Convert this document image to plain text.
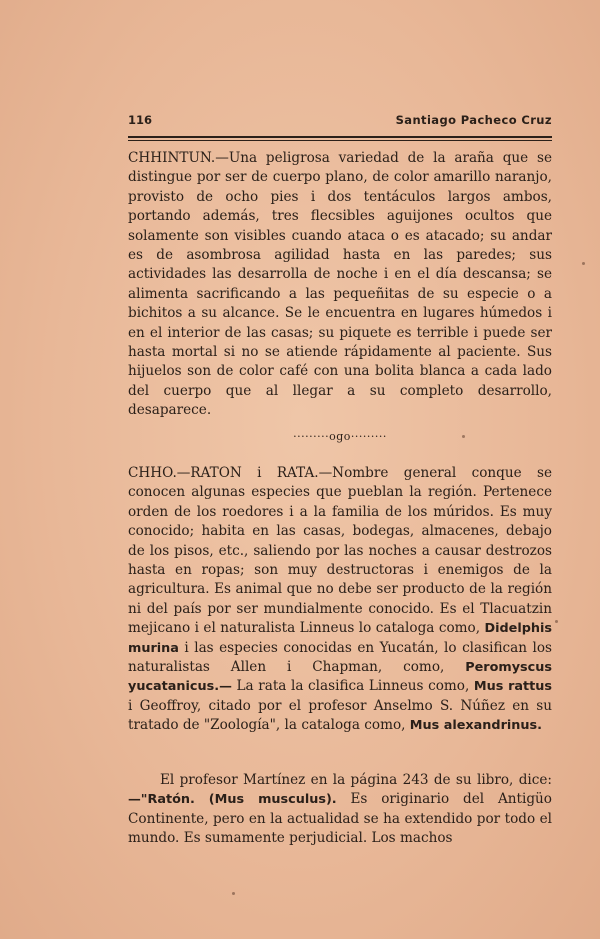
116	Santiago Pacheco Cruz

CHHINTUN.—Una peligrosa variedad de la araña que se distingue por ser de cuerpo plano, de color amarillo naranjo, provisto de ocho pies i dos tentáculos largos ambos, portando además, tres flecsibles aguijones ocultos que solamente son visibles cuando ataca o es atacado; su andar es de asombrosa agilidad hasta en las paredes; sus actividades las desarrolla de noche i en el día descansa; se alimenta sacrificando a las pequeñitas de su especie o a bichitos a su alcance. Se le encuentra en lugares húmedos i en el interior de las casas; su piquete es terrible i puede ser hasta mortal si no se atiende rápidamente al paciente. Sus hijuelos son de color café con una bolita blanca a cada lado del cuerpo que al llegar a su completo desarrollo, desaparece.

·········ogo·········

CHHO.—RATON i RATA.—Nombre general conque se conocen algunas especies que pueblan la región. Pertenece orden de los roedores i a la familia de los múridos. Es muy conocido; habita en las casas, bodegas, almacenes, debajo de los pisos, etc., saliendo por las noches a causar destrozos hasta en ropas; son muy destructoras i enemigos de la agricultura. Es animal que no debe ser producto de la región ni del país por ser mundialmente conocido. Es el Tlacuatzin mejicano i el naturalista Linneus lo cataloga como, Didelphis murina i las especies conocidas en Yucatán, lo clasifican los naturalistas Allen i Chapman, como, Peromyscus yucatanicus.— La rata la clasifica Linneus como, Mus rattus i Geoffroy, citado por el profesor Anselmo S. Núñez en su tratado de "Zoología", la cataloga como, Mus alexandrinus.

El profesor Martínez en la página 243 de su libro, dice: —"Ratón. (Mus musculus). Es originario del Antigüo Continente, pero en la actualidad se ha extendido por todo el mundo. Es sumamente perjudicial. Los machos
